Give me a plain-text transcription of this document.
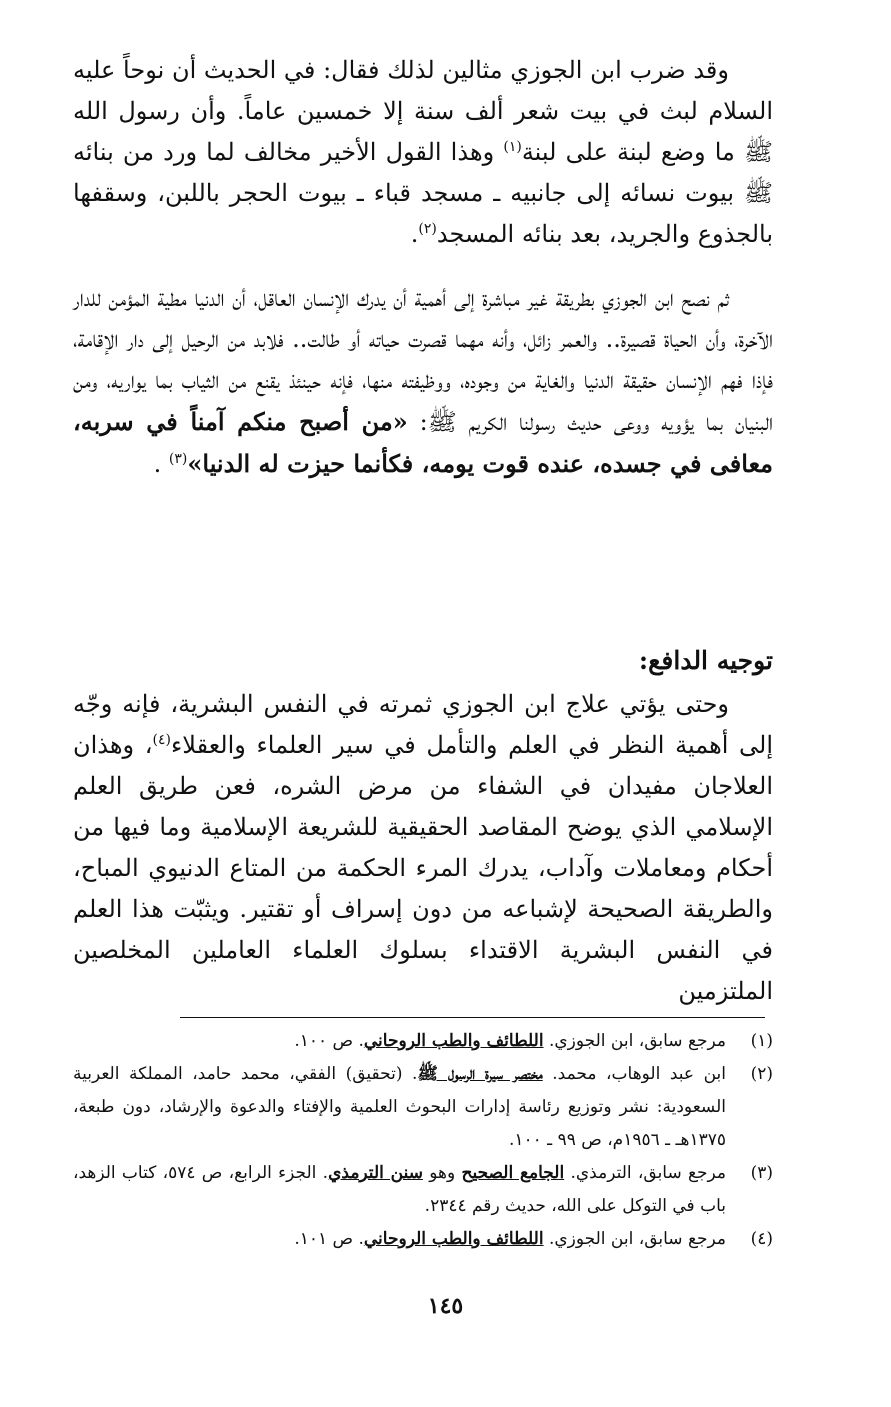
وقد ضرب ابن الجوزي مثالين لذلك فقال: في الحديث أن نوحاً عليه السلام لبث في بيت شعر ألف سنة إلا خمسين عاماً. وأن رسول الله ﷺ ما وضع لبنة على لبنة$^{(١)}$ وهذا القول الأخير مخالف لما ورد من بنائه ﷺ بيوت نسائه إلى جانبيه ـ مسجد قباء ـ بيوت الحجر باللبن، وسقفها بالجذوع والجريد، بعد بنائه المسجد$^{(٢)}$.

ثم نصح ابن الجوزي بطريقة غير مباشرة إلى أهمية أن يدرك الإنسان العاقل، أن الدنيا مطية المؤمن للدار الآخرة، وأن الحياة قصيرة.. والعمر زائل، وأنه مهما قصرت حياته أو طالت.. فلابد من الرحيل إلى دار الإقامة، فإذا فهم الإنسان حقيقة الدنيا والغاية من وجوده، ووظيفته منها، فإنه حينئذ يقنع من الثياب بما يواريه، ومن البنيان بما يؤويه ووعى حديث رسولنا الكريم ﷺ: «من أصبح منكم آمناً في سربه، معافى في جسده، عنده قوت يومه، فكأنما حيزت له الدنيا»$^{(٣)}$ .

توجيه الدافع:

وحتى يؤتي علاج ابن الجوزي ثمرته في النفس البشرية، فإنه وجّه إلى أهمية النظر في العلم والتأمل في سير العلماء والعقلاء$^{(٤)}$، وهذان العلاجان مفيدان في الشفاء من مرض الشره، فعن طريق العلم الإسلامي الذي يوضح المقاصد الحقيقية للشريعة الإسلامية وما فيها من أحكام ومعاملات وآداب، يدرك المرء الحكمة من المتاع الدنيوي المباح، والطريقة الصحيحة لإشباعه من دون إسراف أو تقتير. ويثبّت هذا العلم في النفس البشرية الاقتداء بسلوك العلماء العاملين المخلصين الملتزمين

(١)
مرجع سابق، ابن الجوزي. اللطائف والطب الروحاني. ص ١٠٠.
(٢)
ابن عبد الوهاب، محمد. مختصر سيرة الرسول ﷺ. (تحقيق) الفقي، محمد حامد، المملكة العربية السعودية: نشر وتوزيع رئاسة إدارات البحوث العلمية والإفتاء والدعوة والإرشاد، دون طبعة، ١٣٧٥هـ ـ ١٩٥٦م، ص ٩٩ ـ ١٠٠.
(٣)
مرجع سابق، الترمذي. الجامع الصحيح وهو سنن الترمذي. الجزء الرابع، ص ٥٧٤، كتاب الزهد، باب في التوكل على الله، حديث رقم ٢٣٤٤.
(٤)
مرجع سابق، ابن الجوزي. اللطائف والطب الروحاني. ص ١٠١.
١٤٥
